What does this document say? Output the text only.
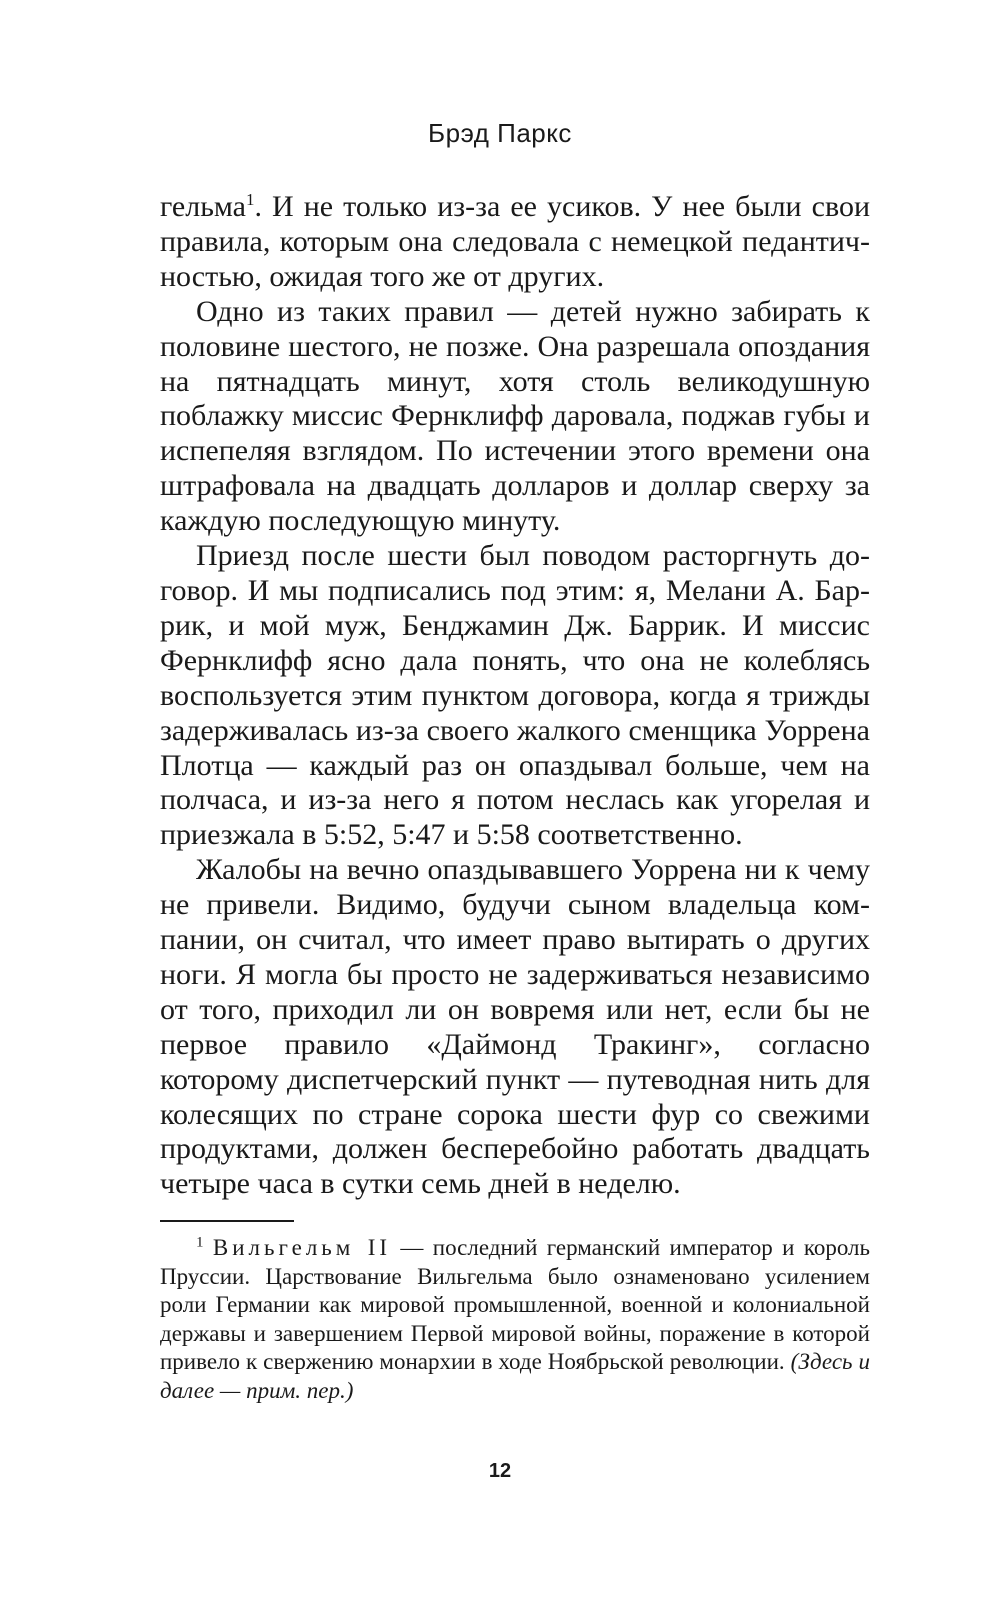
Брэд Паркс

гельма$^1$. И не только из-за ее усиков. У нее были свои правила, которым она следовала с немецкой педантичностью, ожидая того же от других.

Одно из таких правил — детей нужно забирать к половине шестого, не позже. Она разрешала опоздания на пятнадцать минут, хотя столь великодушную поблажку миссис Фернклифф даровала, поджав губы и испепеляя взглядом. По истечении этого времени она штрафовала на двадцать долларов и доллар сверху за каждую последующую минуту.

Приезд после шести был поводом расторгнуть договор. И мы подписались под этим: я, Мелани А. Баррик, и мой муж, Бенджамин Дж. Баррик. И миссис Фернклифф ясно дала понять, что она не колеблясь воспользуется этим пунктом договора, когда я трижды задерживалась из-за своего жалкого сменщика Уоррена Плотца — каждый раз он опаздывал больше, чем на полчаса, и из-за него я потом неслась как угорелая и приезжала в 5:52, 5:47 и 5:58 соответственно.

Жалобы на вечно опаздывавшего Уоррена ни к чему не привели. Видимо, будучи сыном владельца компании, он считал, что имеет право вытирать о других ноги. Я могла бы просто не задерживаться независимо от того, приходил ли он вовремя или нет, если бы не первое правило «Даймонд Тракинг», согласно которому диспетчерский пункт — путеводная нить для колесящих по стране сорока шести фур со свежими продуктами, должен бесперебойно работать двадцать четыре часа в сутки семь дней в неделю.

$^1$ Вильгельм II — последний германский император и король Пруссии. Царствование Вильгельма было ознаменовано усилением роли Германии как мировой промышленной, военной и колониальной державы и завершением Первой мировой войны, поражение в которой привело к свержению монархии в ходе Ноябрьской революции. (Здесь и далее — прим. пер.)

12
